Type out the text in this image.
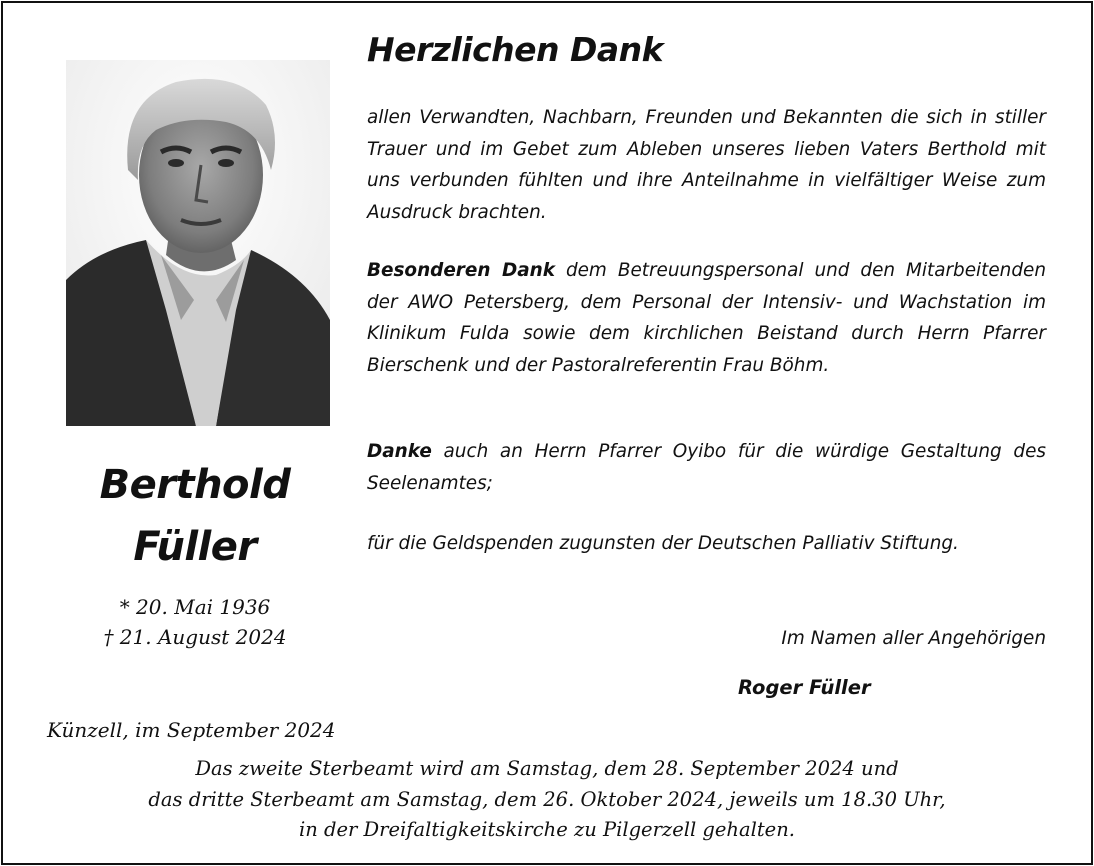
Berthold
Füller
* 20. Mai 1936
† 21. August 2024
Herzlichen Dank
allen Verwandten, Nachbarn, Freunden und Bekannten die sich in stiller Trauer und im Gebet zum Ableben unseres lieben Vaters Berthold mit uns verbunden fühlten und ihre Anteilnahme in vielfältiger Weise zum Ausdruck brachten.
Besonderen Dank dem Betreuungspersonal und den Mitarbeitenden der AWO Petersberg, dem Personal der Intensiv- und Wachstation im Klinikum Fulda sowie dem kirchlichen Beistand durch Herrn Pfarrer Bierschenk und der Pastoralreferentin Frau Böhm.
Danke auch an Herrn Pfarrer Oyibo für die würdige Gestaltung des Seelenamtes;
für die Geldspenden zugunsten der Deutschen Palliativ Stiftung.
Im Namen aller Angehörigen
Roger Füller
Künzell, im September 2024
Das zweite Sterbeamt wird am Samstag, dem 28. September 2024 und
das dritte Sterbeamt am Samstag, dem 26. Oktober 2024, jeweils um 18.30 Uhr,
in der Dreifaltigkeitskirche zu Pilgerzell gehalten.
